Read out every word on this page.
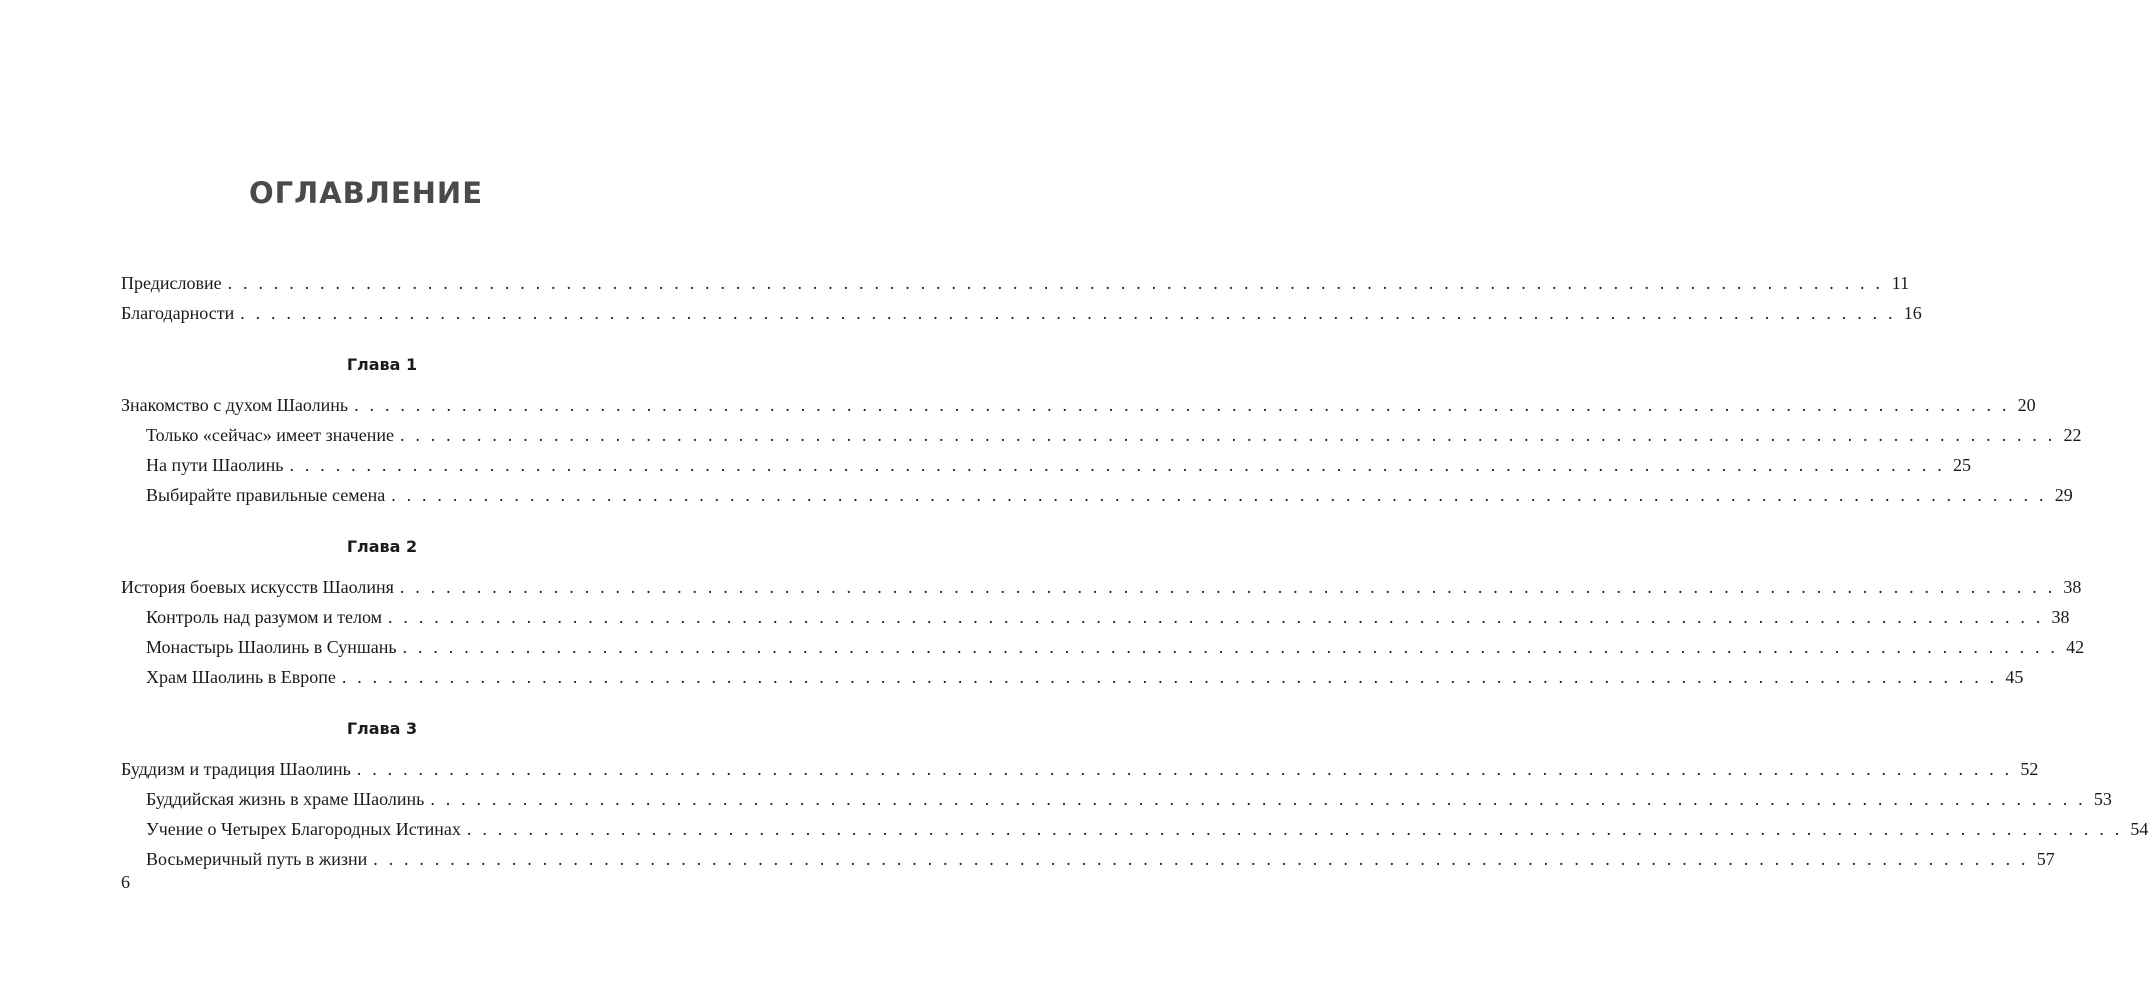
ОГЛАВЛЕНИЕ
Предисловие . . . . . . . . . . . . . . . . . . . . . . . . . . . . . . . . . . . . . . . . . . . . . . . . . . . . . . . . . . . . . . . . . . . . . . . . . . . . . . . . . . . . . . . . . . . . . . . . . . . . . . . . . . . . 11
Благодарности . . . . . . . . . . . . . . . . . . . . . . . . . . . . . . . . . . . . . . . . . . . . . . . . . . . . . . . . . . . . . . . . . . . . . . . . . . . . . . . . . . . . . . . . . . . . . . . . . . . . . . . . . . . . 16
Глава 1
Знакомство с духом Шаолинь . . . . . . . . . . . . . . . . . . . . . . . . . . . . . . . . . . . . . . . . . . . . . . . . . . . . . . . . . . . . . . . . . . . . . . . . . . . . . . . . . . . . . . . . . . . . . . . . . . . . . . . . . . . . 20
Только «сейчас» имеет значение . . . . . . . . . . . . . . . . . . . . . . . . . . . . . . . . . . . . . . . . . . . . . . . . . . . . . . . . . . . . . . . . . . . . . . . . . . . . . . . . . . . . . . . . . . . . . . . . . . . . . . . . . . . . 22
На пути Шаолинь . . . . . . . . . . . . . . . . . . . . . . . . . . . . . . . . . . . . . . . . . . . . . . . . . . . . . . . . . . . . . . . . . . . . . . . . . . . . . . . . . . . . . . . . . . . . . . . . . . . . . . . . . . . . 25
Выбирайте правильные семена . . . . . . . . . . . . . . . . . . . . . . . . . . . . . . . . . . . . . . . . . . . . . . . . . . . . . . . . . . . . . . . . . . . . . . . . . . . . . . . . . . . . . . . . . . . . . . . . . . . . . . . . . . . . 29
Глава 2
История боевых искусств Шаолиня . . . . . . . . . . . . . . . . . . . . . . . . . . . . . . . . . . . . . . . . . . . . . . . . . . . . . . . . . . . . . . . . . . . . . . . . . . . . . . . . . . . . . . . . . . . . . . . . . . . . . . . . . . . . 38
Контроль над разумом и телом . . . . . . . . . . . . . . . . . . . . . . . . . . . . . . . . . . . . . . . . . . . . . . . . . . . . . . . . . . . . . . . . . . . . . . . . . . . . . . . . . . . . . . . . . . . . . . . . . . . . . . . . . . . . 38
Монастырь Шаолинь в Суншань . . . . . . . . . . . . . . . . . . . . . . . . . . . . . . . . . . . . . . . . . . . . . . . . . . . . . . . . . . . . . . . . . . . . . . . . . . . . . . . . . . . . . . . . . . . . . . . . . . . . . . . . . . . . 42
Храм Шаолинь в Европе . . . . . . . . . . . . . . . . . . . . . . . . . . . . . . . . . . . . . . . . . . . . . . . . . . . . . . . . . . . . . . . . . . . . . . . . . . . . . . . . . . . . . . . . . . . . . . . . . . . . . . . . . . . . 45
Глава 3
Буддизм и традиция Шаолинь . . . . . . . . . . . . . . . . . . . . . . . . . . . . . . . . . . . . . . . . . . . . . . . . . . . . . . . . . . . . . . . . . . . . . . . . . . . . . . . . . . . . . . . . . . . . . . . . . . . . . . . . . . . . 52
Буддийская жизнь в храме Шаолинь . . . . . . . . . . . . . . . . . . . . . . . . . . . . . . . . . . . . . . . . . . . . . . . . . . . . . . . . . . . . . . . . . . . . . . . . . . . . . . . . . . . . . . . . . . . . . . . . . . . . . . . . . . . . 53
Учение о Четырех Благородных Истинах . . . . . . . . . . . . . . . . . . . . . . . . . . . . . . . . . . . . . . . . . . . . . . . . . . . . . . . . . . . . . . . . . . . . . . . . . . . . . . . . . . . . . . . . . . . . . . . . . . . . . . . . . . . . 54
Восьмеричный путь в жизни . . . . . . . . . . . . . . . . . . . . . . . . . . . . . . . . . . . . . . . . . . . . . . . . . . . . . . . . . . . . . . . . . . . . . . . . . . . . . . . . . . . . . . . . . . . . . . . . . . . . . . . . . . . . 57
6
